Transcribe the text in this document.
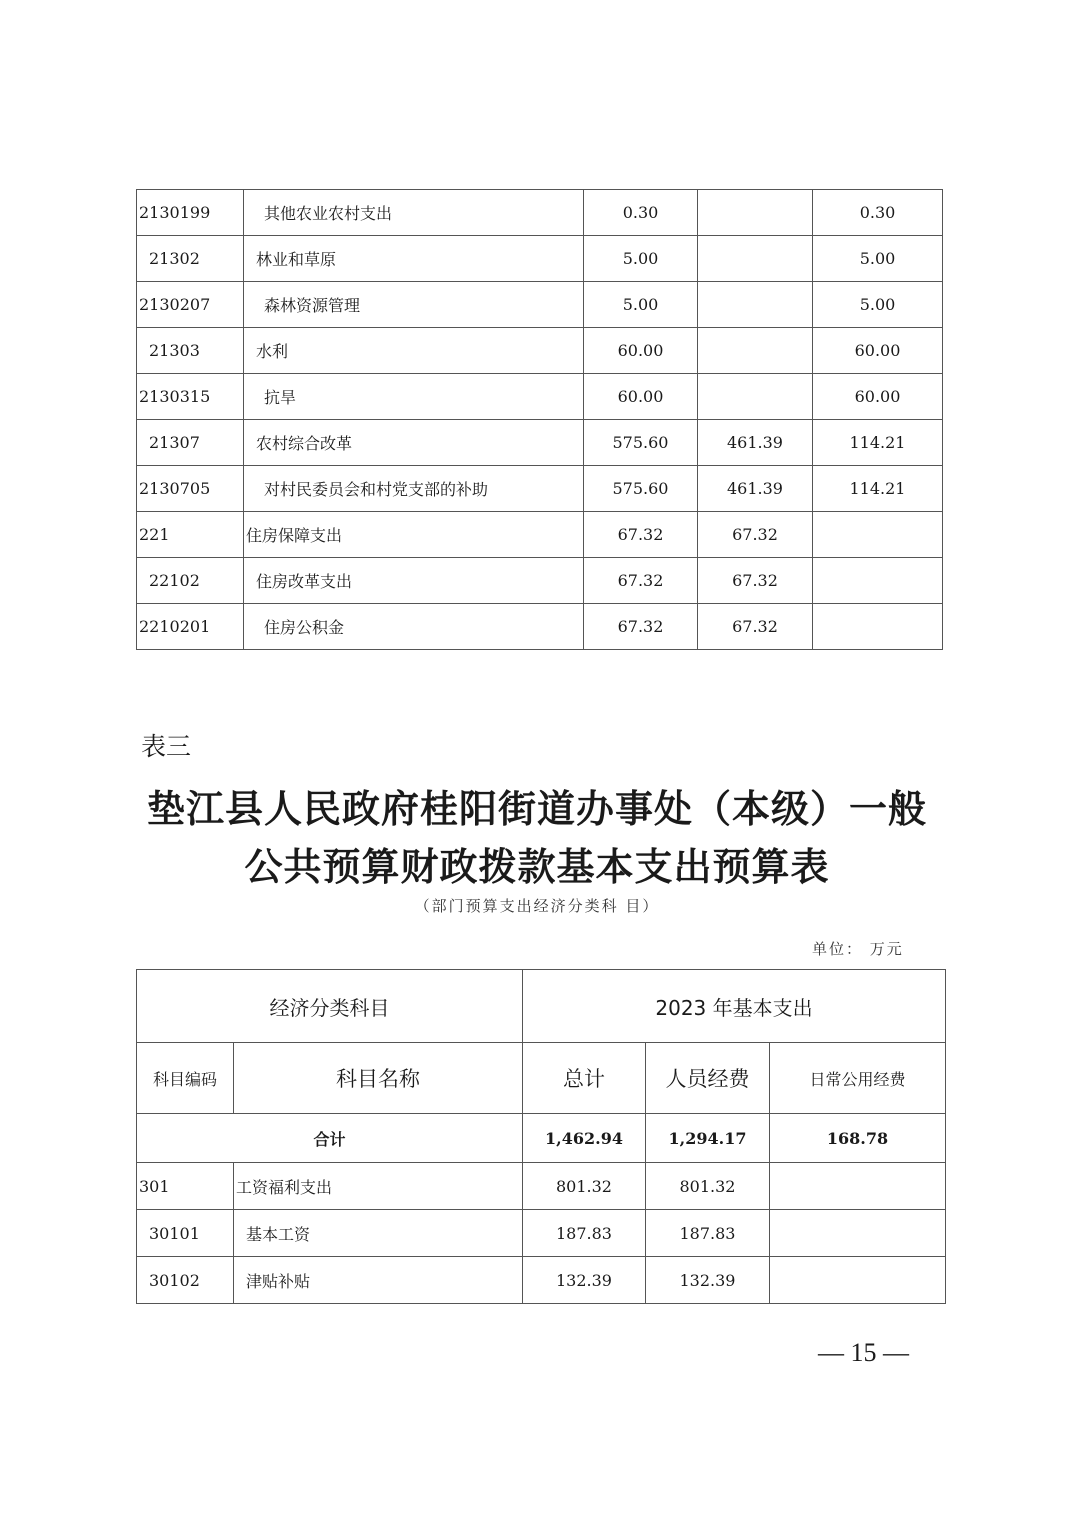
2130199	其他农业农村支出	0.30		0.30
21302	林业和草原	5.00		5.00
2130207	森林资源管理	5.00		5.00
21303	水利	60.00		60.00
2130315	抗旱	60.00		60.00
21307	农村综合改革	575.60	461.39	114.21
2130705	对村民委员会和村党支部的补助	575.60	461.39	114.21
221	住房保障支出	67.32	67.32	
22102	住房改革支出	67.32	67.32	
2210201	住房公积金	67.32	67.32	
表三
垫江县人民政府桂阳街道办事处（本级）一般
公共预算财政拨款基本支出预算表
（部门预算支出经济分类科 目）
单位： 万元
经济分类科目		2023 年基本支出		
科目编码	科目名称	总计	人员经费	日常公用经费
合计		1,462.94	1,294.17	168.78
301	工资福利支出	801.32	801.32	
30101	基本工资	187.83	187.83	
30102	津贴补贴	132.39	132.39	
— 15 —
